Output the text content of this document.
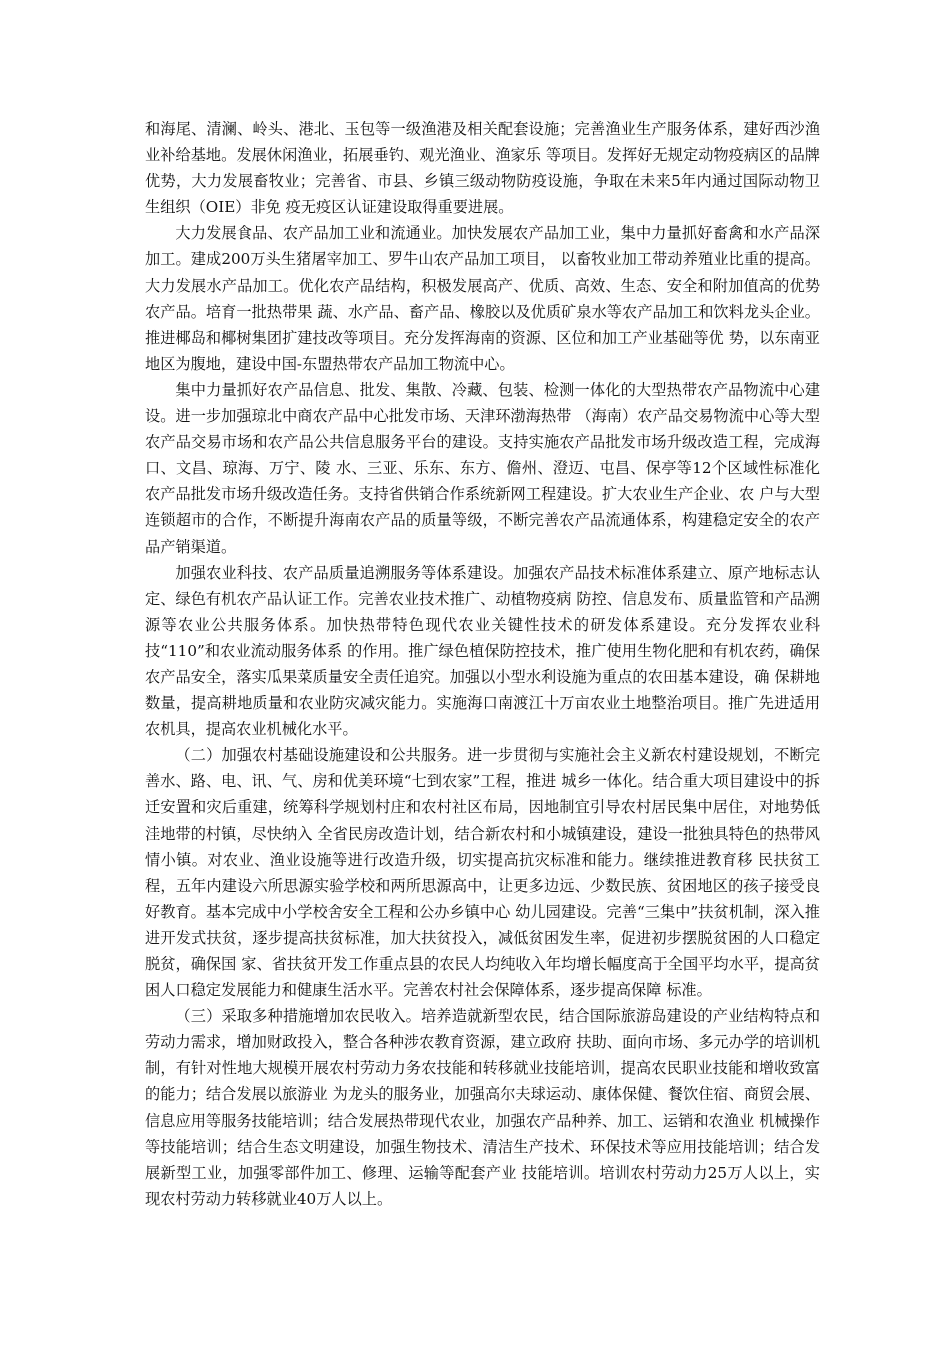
和海尾、清澜、岭头、港北、玉包等一级渔港及相关配套设施；完善渔业生产服务体系，建好西沙渔业补给基地。发展休闲渔业，拓展垂钓、观光渔业、渔家乐 等项目。发挥好无规定动物疫病区的品牌优势，大力发展畜牧业；完善省、市县、乡镇三级动物防疫设施，争取在未来5年内通过国际动物卫生组织（OIE）非免 疫无疫区认证建设取得重要进展。

大力发展食品、农产品加工业和流通业。加快发展农产品加工业，集中力量抓好畜禽和水产品深加工。建成200万头生猪屠宰加工、罗牛山农产品加工项目， 以畜牧业加工带动养殖业比重的提高。大力发展水产品加工。优化农产品结构，积极发展高产、优质、高效、生态、安全和附加值高的优势农产品。培育一批热带果 蔬、水产品、畜产品、橡胶以及优质矿泉水等农产品加工和饮料龙头企业。推进椰岛和椰树集团扩建技改等项目。充分发挥海南的资源、区位和加工产业基础等优 势，以东南亚地区为腹地，建设中国-东盟热带农产品加工物流中心。

集中力量抓好农产品信息、批发、集散、冷藏、包装、检测一体化的大型热带农产品物流中心建设。进一步加强琼北中商农产品中心批发市场、天津环渤海热带 （海南）农产品交易物流中心等大型农产品交易市场和农产品公共信息服务平台的建设。支持实施农产品批发市场升级改造工程，完成海口、文昌、琼海、万宁、陵 水、三亚、乐东、东方、儋州、澄迈、屯昌、保亭等12个区域性标准化农产品批发市场升级改造任务。支持省供销合作系统新网工程建设。扩大农业生产企业、农 户与大型连锁超市的合作，不断提升海南农产品的质量等级，不断完善农产品流通体系，构建稳定安全的农产品产销渠道。

加强农业科技、农产品质量追溯服务等体系建设。加强农产品技术标准体系建立、原产地标志认定、绿色有机农产品认证工作。完善农业技术推广、动植物疫病 防控、信息发布、质量监管和产品溯源等农业公共服务体系。加快热带特色现代农业关键性技术的研发体系建设。充分发挥农业科技“110”和农业流动服务体系 的作用。推广绿色植保防控技术，推广使用生物化肥和有机农药，确保农产品安全，落实瓜果菜质量安全责任追究。加强以小型水利设施为重点的农田基本建设，确 保耕地数量，提高耕地质量和农业防灾减灾能力。实施海口南渡江十万亩农业土地整治项目。推广先进适用农机具，提高农业机械化水平。

（二）加强农村基础设施建设和公共服务。进一步贯彻与实施社会主义新农村建设规划，不断完善水、路、电、讯、气、房和优美环境“七到农家”工程，推进 城乡一体化。结合重大项目建设中的拆迁安置和灾后重建，统筹科学规划村庄和农村社区布局，因地制宜引导农村居民集中居住，对地势低洼地带的村镇，尽快纳入 全省民房改造计划，结合新农村和小城镇建设，建设一批独具特色的热带风情小镇。对农业、渔业设施等进行改造升级，切实提高抗灾标准和能力。继续推进教育移 民扶贫工程，五年内建设六所思源实验学校和两所思源高中，让更多边远、少数民族、贫困地区的孩子接受良好教育。基本完成中小学校舍安全工程和公办乡镇中心 幼儿园建设。完善“三集中”扶贫机制，深入推进开发式扶贫，逐步提高扶贫标准，加大扶贫投入，减低贫困发生率，促进初步摆脱贫困的人口稳定脱贫，确保国 家、省扶贫开发工作重点县的农民人均纯收入年均增长幅度高于全国平均水平，提高贫困人口稳定发展能力和健康生活水平。完善农村社会保障体系，逐步提高保障 标准。

（三）采取多种措施增加农民收入。培养造就新型农民，结合国际旅游岛建设的产业结构特点和劳动力需求，增加财政投入，整合各种涉农教育资源，建立政府 扶助、面向市场、多元办学的培训机制，有针对性地大规模开展农村劳动力务农技能和转移就业技能培训，提高农民职业技能和增收致富的能力；结合发展以旅游业 为龙头的服务业，加强高尔夫球运动、康体保健、餐饮住宿、商贸会展、信息应用等服务技能培训；结合发展热带现代农业，加强农产品种养、加工、运销和农渔业 机械操作等技能培训；结合生态文明建设，加强生物技术、清洁生产技术、环保技术等应用技能培训；结合发展新型工业，加强零部件加工、修理、运输等配套产业 技能培训。培训农村劳动力25万人以上，实现农村劳动力转移就业40万人以上。
